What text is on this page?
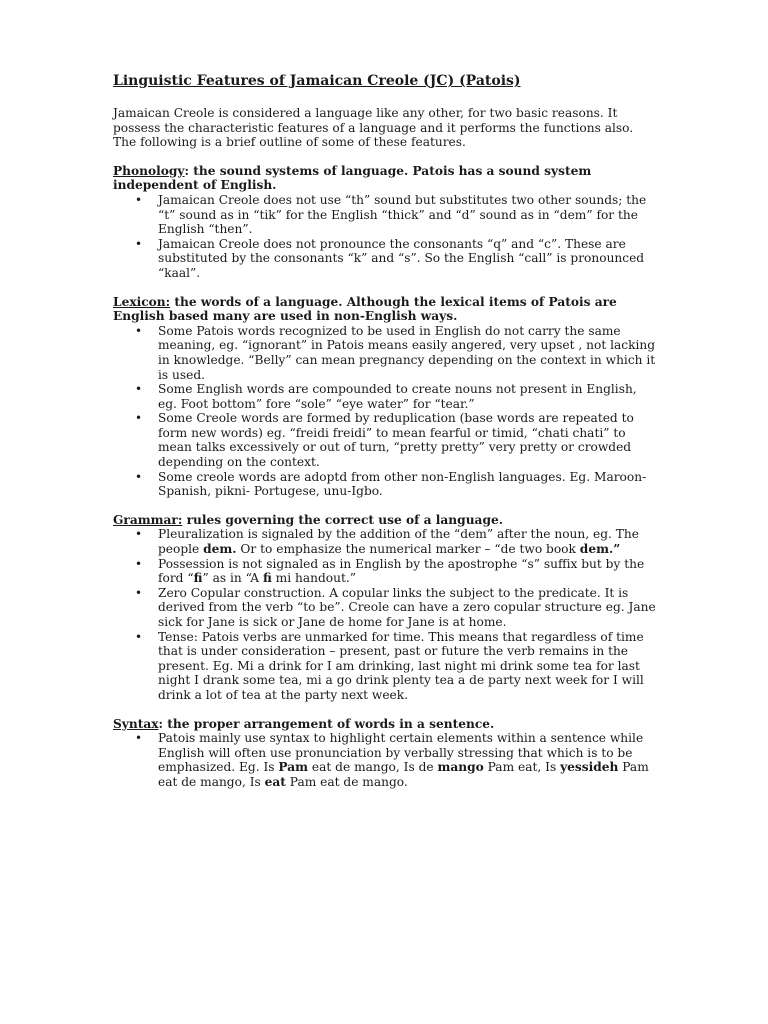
Linguistic Features of Jamaican Creole (JC) (Patois)

Jamaican Creole is considered a language like any other, for two basic reasons. It possess the characteristic features of a language and it performs the functions also. The following is a brief outline of some of these features.

Phonology: the sound systems of language. Patois has a sound system independent of English.

• Jamaican Creole does not use “th” sound but substitutes two other sounds; the “t” sound as in “tik” for the English “thick” and “d” sound as in “dem” for the English “then”.
• Jamaican Creole does not pronounce the consonants “q” and “c”. These are substituted by the consonants “k” and “s”. So the English “call” is pronounced “kaal”.

Lexicon: the words of a language. Although the lexical items of Patois are English based many are used in non-English ways.

• Some Patois words recognized to be used in English do not carry the same meaning, eg. “ignorant” in Patois means easily angered, very upset , not lacking in knowledge. “Belly” can mean pregnancy depending on the context in which it is used.
• Some English words are compounded to create nouns not present in English, eg. Foot bottom” fore “sole” “eye water” for “tear.”
• Some Creole words are formed by reduplication (base words are repeated to form new words) eg. “freidi freidi” to mean fearful or timid, “chati chati” to mean talks excessively or out of turn, “pretty pretty” very pretty or crowded depending on the context.
• Some creole words are adoptd from other non-English languages. Eg. Maroon- Spanish, pikni- Portugese, unu-Igbo.

Grammar: rules governing the correct use of a language.

• Pleuralization is signaled by the addition of the “dem” after the noun, eg. The people dem. Or to emphasize the numerical marker – “de two book dem.”
• Possession is not signaled as in English by the apostrophe “s” suffix but by the ford “fi” as in “A fi mi handout.”
• Zero Copular construction. A copular links the subject to the predicate. It is derived from the verb “to be”. Creole can have a zero copular structure eg. Jane sick for Jane is sick or Jane de home for Jane is at home.
• Tense: Patois verbs are unmarked for time. This means that regardless of time that is under consideration – present, past or future the verb remains in the present. Eg. Mi a drink for I am drinking, last night mi drink some tea for last night I drank some tea, mi a go drink plenty tea a de party next week for I will drink a lot of tea at the party next week.

Syntax: the proper arrangement of words in a sentence.

• Patois mainly use syntax to highlight certain elements within a sentence while English will often use pronunciation by verbally stressing that which is to be emphasized. Eg. Is Pam eat de mango, Is de mango Pam eat, Is yessideh Pam eat de mango, Is eat Pam eat de mango.
